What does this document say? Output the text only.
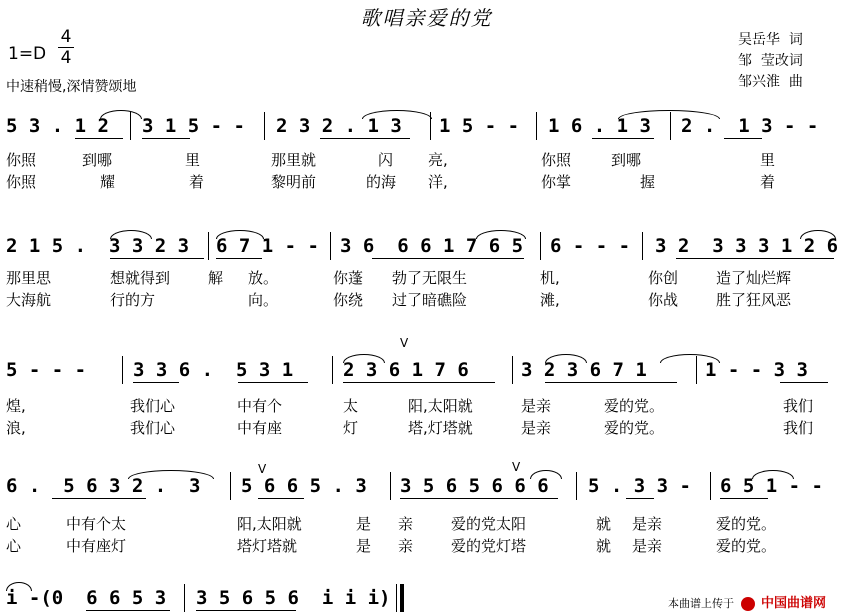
歌唱亲爱的党
1=D
4
4
中速稍慢,深情赞颂地
吴岳华  词
邹  莹改词
邹兴淮  曲
5 3 . 1 2 3 1 5 - - 2 3 2 . 1 3 1 5 - - 1 6 . 1 3 2 .  1 3 - -
你照	到哪	里	那里就	闪 亮,	你照	到哪	里
你照	耀	着	黎明前	的海 洋,	你掌	握	着
2 1 5 .  3 3 2 3 6 7 1 - - 3 6  6 6 1 7 6 5 6 - - - 3 2  3 3 3 1 2 6
那里思	想就得到	解 放。	你蓬 勃了无限生	机,	你创	造了灿烂辉
大海航	行的方	向。	你绕 过了暗礁险	滩,	你战	胜了狂风恶
5 - - - 3 3 6 .  5 3 1	2 3 6 1 7 6	3 2 3 6 7 1	1 - - 3 3
煌,	我们心	中有个	太	阳,太阳就	是亲	爱的党。	我们
浪,	我们心	中有座	灯	塔,灯塔就	是亲	爱的党。	我们
6 .  5 6 3 2 .  3 5 6 6 5 . 3 3 5 6 5 6 6 6 5 . 3 3 - 6 5 1 - -
心	中有个太	阳,太阳就	是 亲	爱的党太阳	就 是亲	爱的党。
心	中有座灯	塔灯塔就	是 亲	爱的党灯塔	就 是亲	爱的党。
i -(0  6 6 5 3 3 5 6 5 6  i i i)
V
V	V
本曲谱上传于 中国曲谱网
